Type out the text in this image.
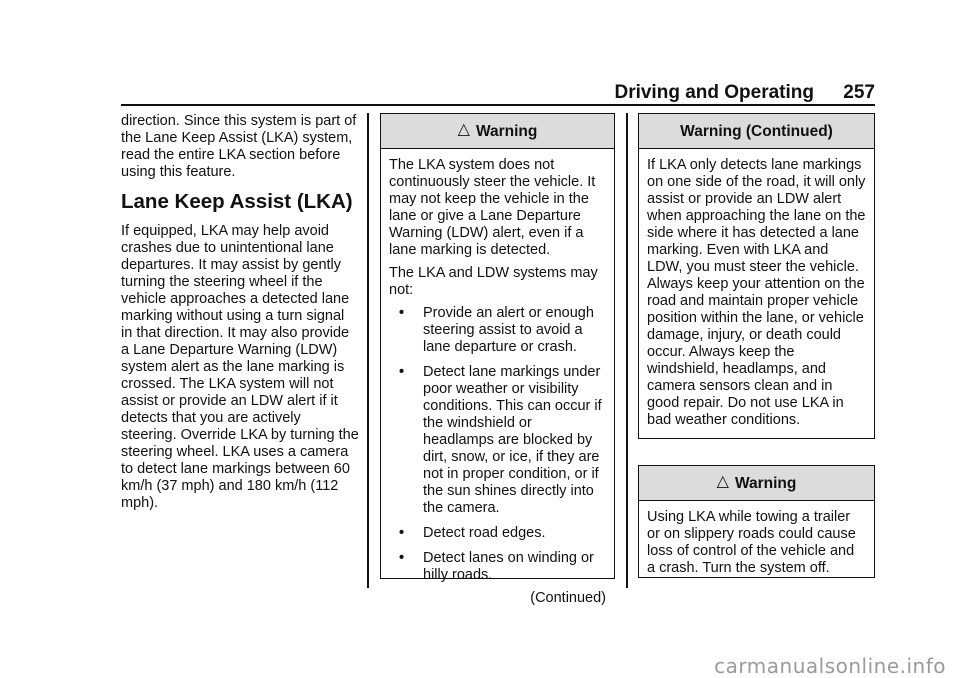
Driving and Operating 257

direction. Since this system is part of the Lane Keep Assist (LKA) system, read the entire LKA section before using this feature.

Lane Keep Assist (LKA)

If equipped, LKA may help avoid crashes due to unintentional lane departures. It may assist by gently turning the steering wheel if the vehicle approaches a detected lane marking without using a turn signal in that direction. It may also provide a Lane Departure Warning (LDW) system alert as the lane marking is crossed. The LKA system will not assist or provide an LDW alert if it detects that you are actively steering. Override LKA by turning the steering wheel. LKA uses a camera to detect lane markings between 60 km/h (37 mph) and 180 km/h (112 mph).

△ Warning

The LKA system does not continuously steer the vehicle. It may not keep the vehicle in the lane or give a Lane Departure Warning (LDW) alert, even if a lane marking is detected.

The LKA and LDW systems may not:

• Provide an alert or enough steering assist to avoid a lane departure or crash.
• Detect lane markings under poor weather or visibility conditions. This can occur if the windshield or headlamps are blocked by dirt, snow, or ice, if they are not in proper condition, or if the sun shines directly into the camera.
• Detect road edges.
• Detect lanes on winding or hilly roads.
(Continued)
Warning (Continued)

If LKA only detects lane markings on one side of the road, it will only assist or provide an LDW alert when approaching the lane on the side where it has detected a lane marking. Even with LKA and LDW, you must steer the vehicle. Always keep your attention on the road and maintain proper vehicle position within the lane, or vehicle damage, injury, or death could occur. Always keep the windshield, headlamps, and camera sensors clean and in good repair. Do not use LKA in bad weather conditions.

△ Warning

Using LKA while towing a trailer or on slippery roads could cause loss of control of the vehicle and a crash. Turn the system off.

carmanualsonline.info
